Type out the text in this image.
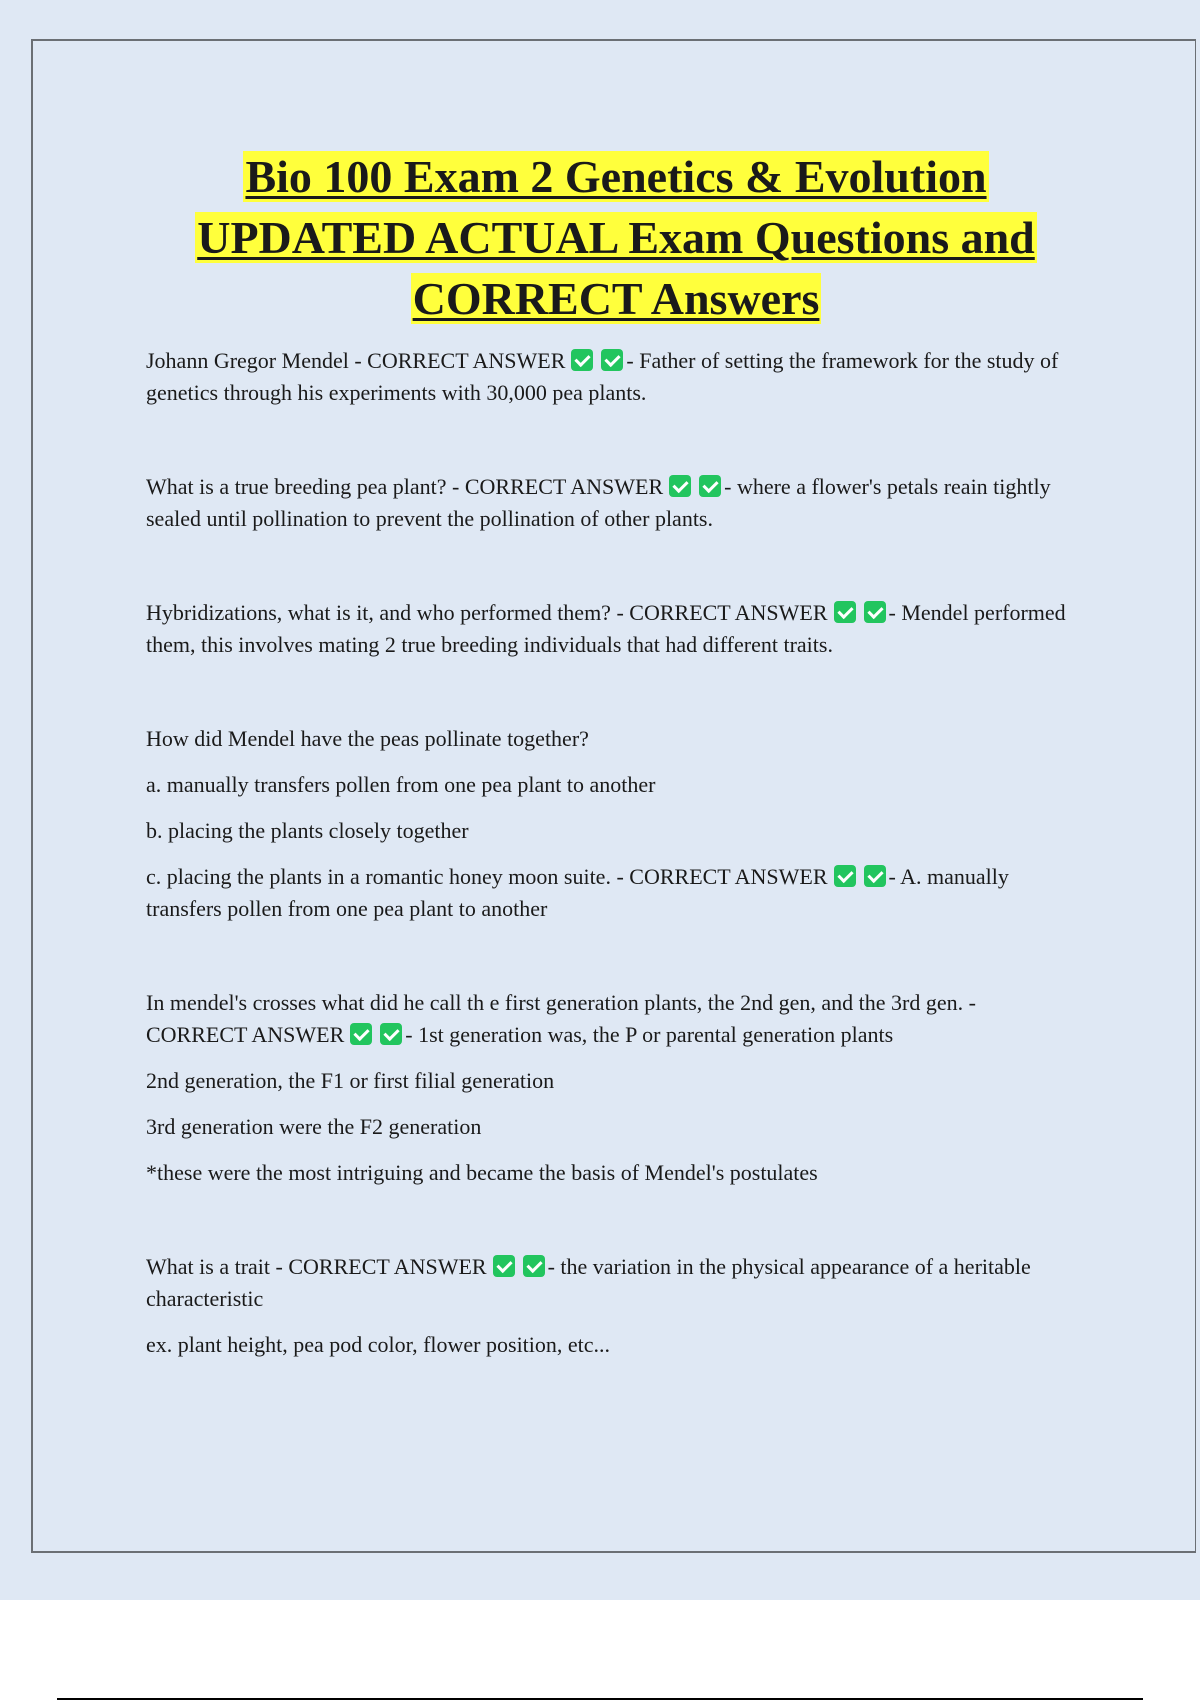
Bio 100 Exam 2 Genetics & Evolution
UPDATED ACTUAL Exam Questions and
CORRECT Answers

Johann Gregor Mendel - CORRECT ANSWER	- Father of setting the framework for the study of genetics through his experiments with 30,000 pea plants.

What is a true breeding pea plant? - CORRECT ANSWER	- where a flower's petals reain tightly sealed until pollination to prevent the pollination of other plants.

Hybridizations, what is it, and who performed them? - CORRECT ANSWER	- Mendel performed them, this involves mating 2 true breeding individuals that had different traits.

How did Mendel have the peas pollinate together?

a. manually transfers pollen from one pea plant to another

b. placing the plants closely together

c. placing the plants in a romantic honey moon suite. - CORRECT ANSWER	- A. manually transfers pollen from one pea plant to another

In mendel's crosses what did he call th e first generation plants, the 2nd gen, and the 3rd gen. - CORRECT ANSWER	- 1st generation was, the P or parental generation plants

2nd generation, the F1 or first filial generation

3rd generation were the F2 generation

*these were the most intriguing and became the basis of Mendel's postulates

What is a trait - CORRECT ANSWER	- the variation in the physical appearance of a heritable characteristic

ex. plant height, pea pod color, flower position, etc...
